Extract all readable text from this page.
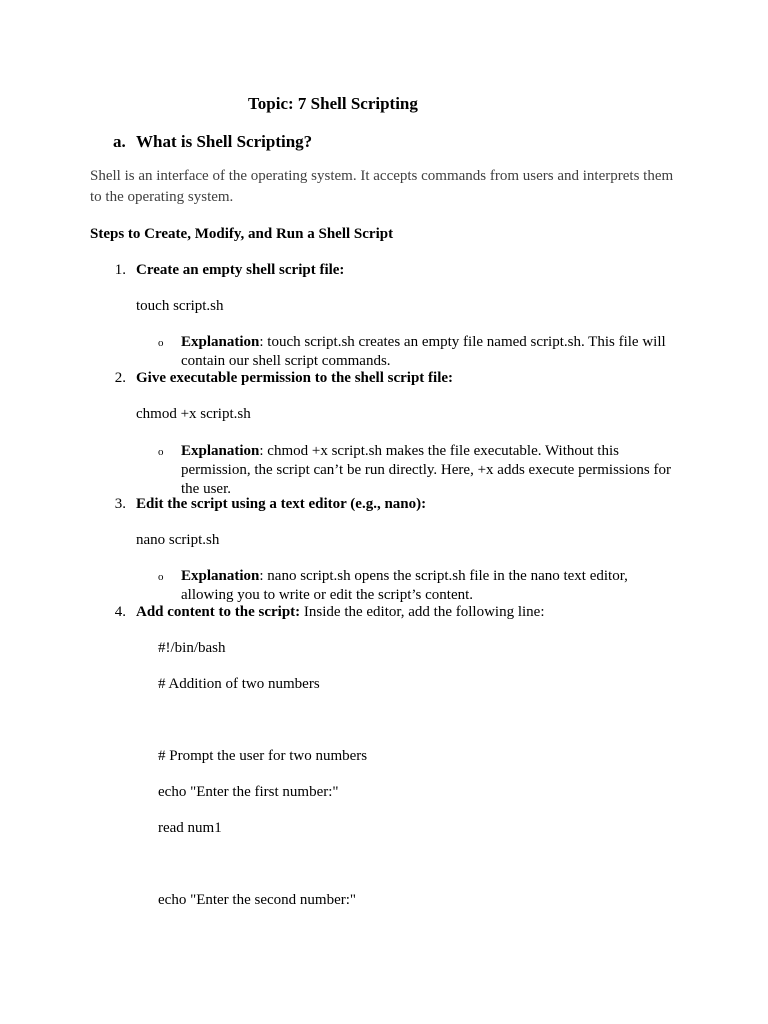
Topic: 7 Shell Scripting
a. What is Shell Scripting?
Shell is an interface of the operating system. It accepts commands from users and interprets them to the operating system.
Steps to Create, Modify, and Run a Shell Script
1. Create an empty shell script file:
touch script.sh
o Explanation: touch script.sh creates an empty file named script.sh. This file will contain our shell script commands.
2. Give executable permission to the shell script file:
chmod +x script.sh
o Explanation: chmod +x script.sh makes the file executable. Without this permission, the script can’t be run directly. Here, +x adds execute permissions for the user.
3. Edit the script using a text editor (e.g., nano):
nano script.sh
o Explanation: nano script.sh opens the script.sh file in the nano text editor, allowing you to write or edit the script’s content.
4. Add content to the script: Inside the editor, add the following line:
#!/bin/bash
# Addition of two numbers
# Prompt the user for two numbers
echo "Enter the first number:"
read num1
echo "Enter the second number:"
